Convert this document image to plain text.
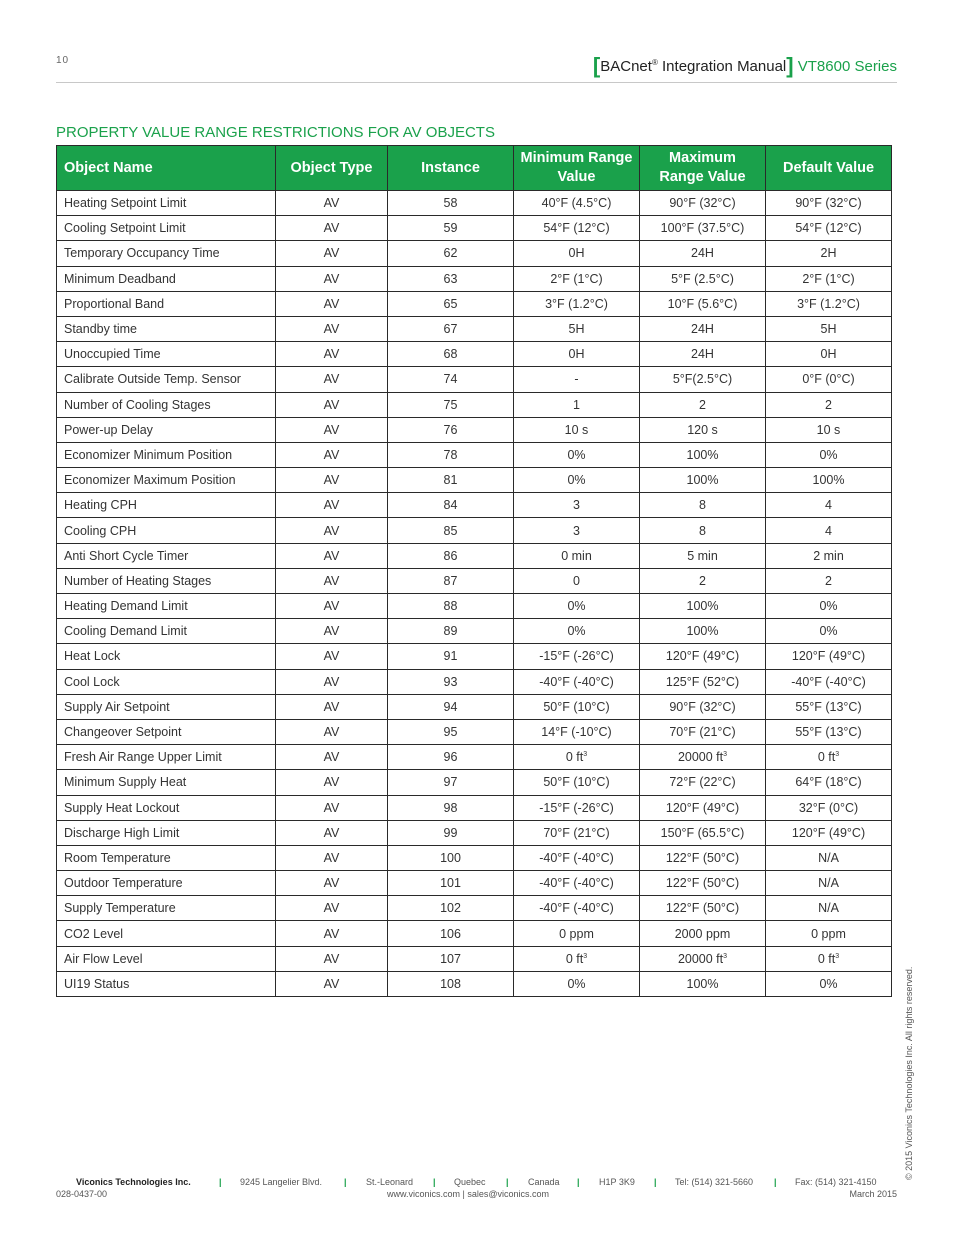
10	[BACnet® Integration Manual] VT8600 Series
PROPERTY VALUE RANGE RESTRICTIONS FOR AV OBJECTS
Object Name	Object Type	Instance	Minimum Range Value	Maximum Range Value	Default Value
Heating Setpoint Limit	AV	58	40°F (4.5°C)	90°F (32°C)	90°F (32°C)
Cooling Setpoint Limit	AV	59	54°F (12°C)	100°F (37.5°C)	54°F (12°C)
Temporary Occupancy Time	AV	62	0H	24H	2H
Minimum Deadband	AV	63	2°F (1°C)	5°F (2.5°C)	2°F (1°C)
Proportional Band	AV	65	3°F (1.2°C)	10°F (5.6°C)	3°F (1.2°C)
Standby time	AV	67	5H	24H	5H
Unoccupied Time	AV	68	0H	24H	0H
Calibrate Outside Temp. Sensor	AV	74	-	5°F(2.5°C)	0°F (0°C)
Number of Cooling Stages	AV	75	1	2	2
Power-up Delay	AV	76	10 s	120 s	10 s
Economizer Minimum Position	AV	78	0%	100%	0%
Economizer Maximum Position	AV	81	0%	100%	100%
Heating CPH	AV	84	3	8	4
Cooling CPH	AV	85	3	8	4
Anti Short Cycle Timer	AV	86	0 min	5 min	2 min
Number of Heating Stages	AV	87	0	2	2
Heating Demand Limit	AV	88	0%	100%	0%
Cooling Demand Limit	AV	89	0%	100%	0%
Heat Lock	AV	91	-15°F (-26°C)	120°F (49°C)	120°F (49°C)
Cool Lock	AV	93	-40°F (-40°C)	125°F (52°C)	-40°F (-40°C)
Supply Air Setpoint	AV	94	50°F (10°C)	90°F (32°C)	55°F (13°C)
Changeover Setpoint	AV	95	14°F (-10°C)	70°F (21°C)	55°F (13°C)
Fresh Air Range Upper Limit	AV	96	0 $ft^3$	20000 $ft^3$	0 $ft^3$
Minimum Supply Heat	AV	97	50°F (10°C)	72°F (22°C)	64°F (18°C)
Supply Heat Lockout	AV	98	-15°F (-26°C)	120°F (49°C)	32°F (0°C)
Discharge High Limit	AV	99	70°F (21°C)	150°F (65.5°C)	120°F (49°C)
Room Temperature	AV	100	-40°F (-40°C)	122°F (50°C)	N/A
Outdoor Temperature	AV	101	-40°F (-40°C)	122°F (50°C)	N/A
Supply Temperature	AV	102	-40°F (-40°C)	122°F (50°C)	N/A
CO2 Level	AV	106	0 ppm	2000 ppm	0 ppm
Air Flow Level	AV	107	0 $ft^3$	20000 $ft^3$	0 $ft^3$
UI19 Status	AV	108	0%	100%	0%	© 2015 Viconics Technologies Inc. All rights reserved.
Viconics Technologies Inc.	| 9245 Langelier Blvd. | St.-Leonard | Quebec | Canada | H1P 3K9 | Tel: (514) 321-5660 | Fax: (514) 321-4150
028-0437-00	www.viconics.com | sales@viconics.com	March 2015
